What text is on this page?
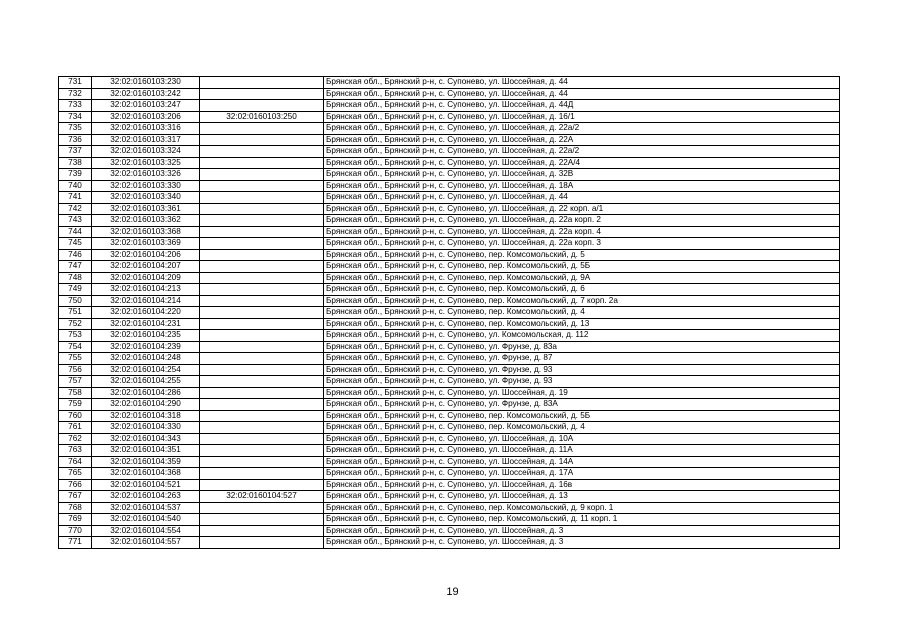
731	32:02:0160103:230		Брянская обл., Брянский р-н, с. Супонево, ул. Шоссейная, д. 44
732	32:02:0160103:242		Брянская обл., Брянский р-н, с. Супонево, ул. Шоссейная, д. 44
733	32:02:0160103:247		Брянская обл., Брянский р-н, с. Супонево, ул. Шоссейная, д. 44Д
734	32:02:0160103:206	32:02:0160103:250	Брянская обл., Брянский р-н, с. Супонево, ул. Шоссейная, д. 16/1
735	32:02:0160103:316		Брянская обл., Брянский р-н, с. Супонево, ул. Шоссейная, д. 22а/2
736	32:02:0160103:317		Брянская обл., Брянский р-н, с. Супонево, ул. Шоссейная, д. 22А
737	32:02:0160103:324		Брянская обл., Брянский р-н, с. Супонево, ул. Шоссейная, д. 22а/2
738	32:02:0160103:325		Брянская обл., Брянский р-н, с. Супонево, ул. Шоссейная, д. 22А/4
739	32:02:0160103:326		Брянская обл., Брянский р-н, с. Супонево, ул. Шоссейная, д. 32В
740	32:02:0160103:330		Брянская обл., Брянский р-н, с. Супонево, ул. Шоссейная, д. 18А
741	32:02:0160103:340		Брянская обл., Брянский р-н, с. Супонево, ул. Шоссейная, д. 44
742	32:02:0160103:361		Брянская обл., Брянский р-н, с. Супонево, ул. Шоссейная, д. 22 корп. а/1
743	32:02:0160103:362		Брянская обл., Брянский р-н, с. Супонево, ул. Шоссейная, д. 22а корп. 2
744	32:02:0160103:368		Брянская обл., Брянский р-н, с. Супонево, ул. Шоссейная, д. 22а корп. 4
745	32:02:0160103:369		Брянская обл., Брянский р-н, с. Супонево, ул. Шоссейная, д. 22а корп. 3
746	32:02:0160104:206		Брянская обл., Брянский р-н, с. Супонево, пер. Комсомольский, д. 5
747	32:02:0160104:207		Брянская обл., Брянский р-н, с. Супонево, пер. Комсомольский, д. 5Б
748	32:02:0160104:209		Брянская обл., Брянский р-н, с. Супонево, пер. Комсомольский, д. 9А
749	32:02:0160104:213		Брянская обл., Брянский р-н, с. Супонево, пер. Комсомольский, д. 6
750	32:02:0160104:214		Брянская обл., Брянский р-н, с. Супонево, пер. Комсомольский, д. 7 корп. 2а
751	32:02:0160104:220		Брянская обл., Брянский р-н, с. Супонево, пер. Комсомольский, д. 4
752	32:02:0160104:231		Брянская обл., Брянский р-н, с. Супонево, пер. Комсомольский, д. 13
753	32:02:0160104:235		Брянская обл., Брянский р-н, с. Супонево, ул. Комсомольская, д. 112
754	32:02:0160104:239		Брянская обл., Брянский р-н, с. Супонево, ул. Фрунзе, д. 83а
755	32:02:0160104:248		Брянская обл., Брянский р-н, с. Супонево, ул. Фрунзе, д. 87
756	32:02:0160104:254		Брянская обл., Брянский р-н, с. Супонево, ул. Фрунзе, д. 93
757	32:02:0160104:255		Брянская обл., Брянский р-н, с. Супонево, ул. Фрунзе, д. 93
758	32:02:0160104:286		Брянская обл., Брянский р-н, с. Супонево, ул. Шоссейная, д. 19
759	32:02:0160104:290		Брянская обл., Брянский р-н, с. Супонево, ул. Фрунзе, д. 83А
760	32:02:0160104:318		Брянская обл., Брянский р-н, с. Супонево, пер. Комсомольский, д. 5Б
761	32:02:0160104:330		Брянская обл., Брянский р-н, с. Супонево, пер. Комсомольский, д. 4
762	32:02:0160104:343		Брянская обл., Брянский р-н, с. Супонево, ул. Шоссейная, д. 10А
763	32:02:0160104:351		Брянская обл., Брянский р-н, с. Супонево, ул. Шоссейная, д. 11А
764	32:02:0160104:359		Брянская обл., Брянский р-н, с. Супонево, ул. Шоссейная, д. 14А
765	32:02:0160104:368		Брянская обл., Брянский р-н, с. Супонево, ул. Шоссейная, д. 17А
766	32:02:0160104:521		Брянская обл., Брянский р-н, с. Супонево, ул. Шоссейная, д. 16в
767	32:02:0160104:263	32:02:0160104:527	Брянская обл., Брянский р-н, с. Супонево, ул. Шоссейная, д. 13
768	32:02:0160104:537		Брянская обл., Брянский р-н, с. Супонево, пер. Комсомольский, д. 9 корп. 1
769	32:02:0160104:540		Брянская обл., Брянский р-н, с. Супонево, пер. Комсомольский, д. 11 корп. 1
770	32:02:0160104:554		Брянская обл., Брянский р-н, с. Супонево, ул. Шоссейная, д. 3
771	32:02:0160104:557		Брянская обл., Брянский р-н, с. Супонево, ул. Шоссейная, д. 3
19
